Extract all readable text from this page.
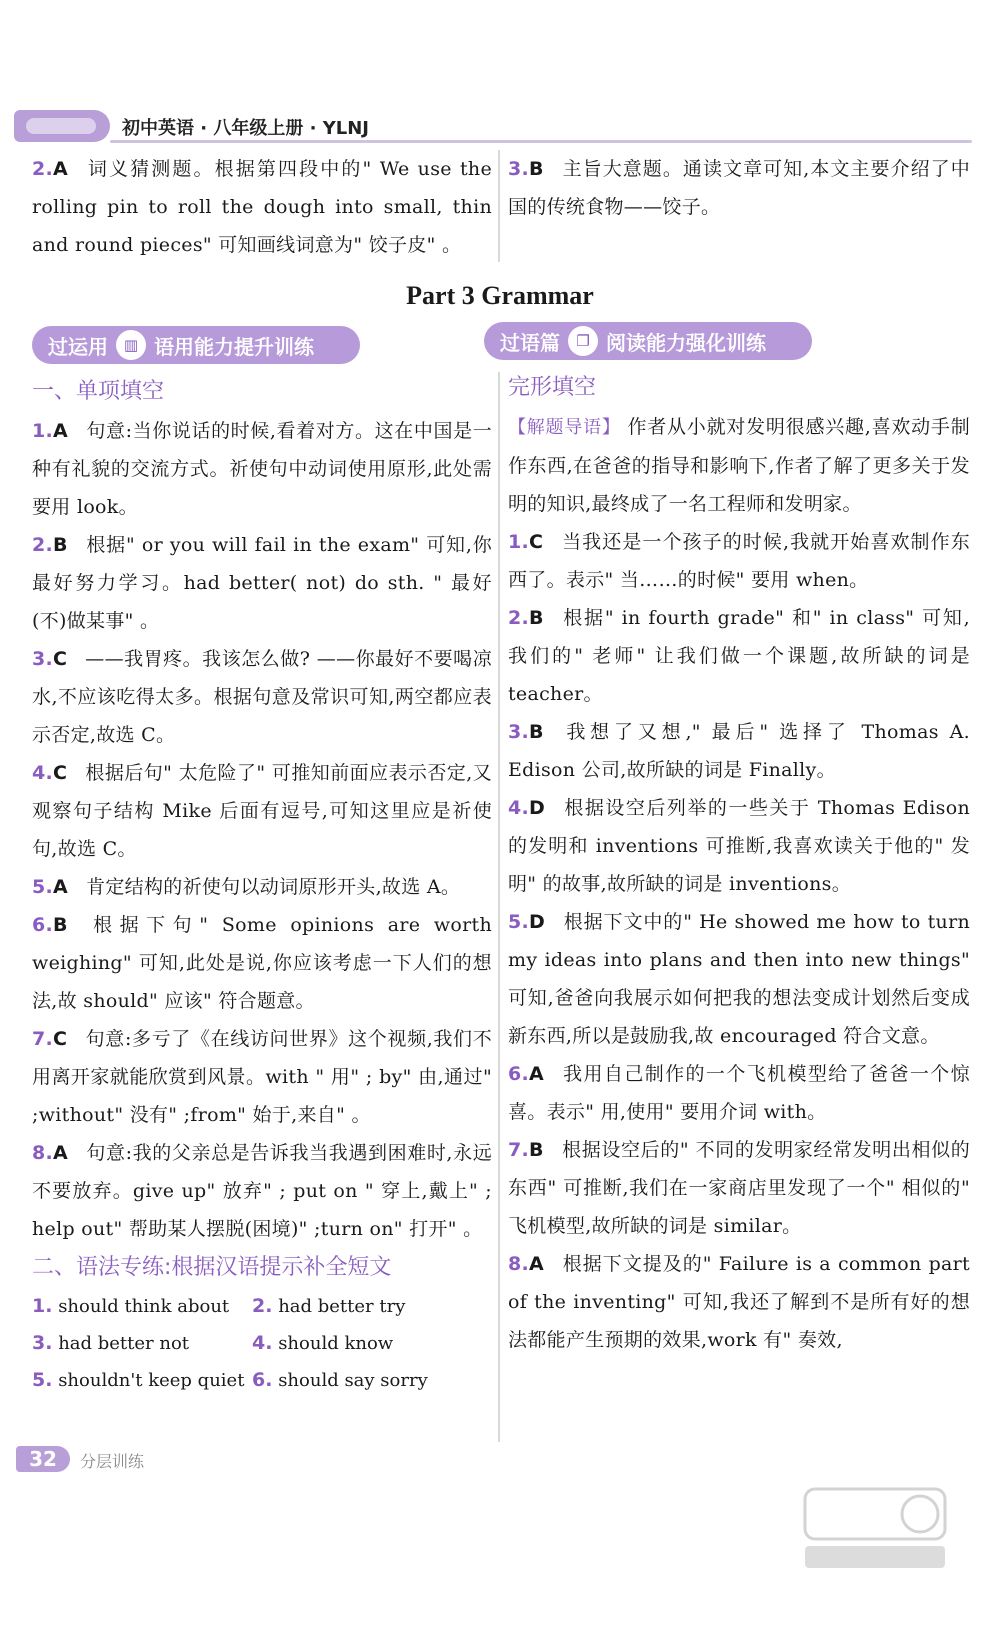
初中英语 · 八年级上册 · YLNJ
2.A 词义猜测题。根据第四段中的" We use the rolling pin to roll the dough into small, thin and round pieces" 可知画线词意为" 饺子皮" 。
3.B 主旨大意题。通读文章可知,本文主要介绍了中国的传统食物——饺子。
Part 3 Grammar
过运用	▥ 语用能力提升训练	过语篇	❐ 阅读能力强化训练
一、单项填空
1.A 句意:当你说话的时候,看着对方。这在中国是一种有礼貌的交流方式。祈使句中动词使用原形,此处需要用 look。
2.B 根据" or you will fail in the exam" 可知,你最好努力学习。had better( not) do sth. " 最好(不)做某事" 。
3.C ——我胃疼。我该怎么做? ——你最好不要喝凉水,不应该吃得太多。根据句意及常识可知,两空都应表示否定,故选 C。
4.C 根据后句" 太危险了" 可推知前面应表示否定,又观察句子结构 Mike 后面有逗号,可知这里应是祈使句,故选 C。
5.A 肯定结构的祈使句以动词原形开头,故选 A。
6.B 根据下句" Some opinions are worth weighing" 可知,此处是说,你应该考虑一下人们的想法,故 should" 应该" 符合题意。
7.C 句意:多亏了《在线访问世界》这个视频,我们不用离开家就能欣赏到风景。with " 用" ; by" 由,通过" ;without" 没有" ;from" 始于,来自" 。
8.A 句意:我的父亲总是告诉我当我遇到困难时,永远不要放弃。give up" 放弃" ; put on " 穿上,戴上" ; help out" 帮助某人摆脱(困境)" ;turn on" 打开" 。
二、语法专练:根据汉语提示补全短文
1. should think about	2. had better try
3. had better not	4. should know
5. shouldn't keep quiet 6. should say sorry
完形填空
【解题导语】 作者从小就对发明很感兴趣,喜欢动手制作东西,在爸爸的指导和影响下,作者了解了更多关于发明的知识,最终成了一名工程师和发明家。
1.C 当我还是一个孩子的时候,我就开始喜欢制作东西了。表示" 当……的时候" 要用 when。
2.B 根据" in fourth grade" 和" in class" 可知,我们的" 老师" 让我们做一个课题,故所缺的词是 teacher。
3.B 我想了又想," 最后" 选择了 Thomas A. Edison 公司,故所缺的词是 Finally。
4.D 根据设空后列举的一些关于 Thomas Edison 的发明和 inventions 可推断,我喜欢读关于他的" 发明" 的故事,故所缺的词是 inventions。
5.D 根据下文中的" He showed me how to turn my ideas into plans and then into new things" 可知,爸爸向我展示如何把我的想法变成计划然后变成新东西,所以是鼓励我,故 encouraged 符合文意。
6.A 我用自己制作的一个飞机模型给了爸爸一个惊喜。表示" 用,使用" 要用介词 with。
7.B 根据设空后的" 不同的发明家经常发明出相似的东西" 可推断,我们在一家商店里发现了一个" 相似的" 飞机模型,故所缺的词是 similar。
8.A 根据下文提及的" Failure is a common part of the inventing" 可知,我还了解到不是所有好的想法都能产生预期的效果,work 有" 奏效,
32	分层训练
